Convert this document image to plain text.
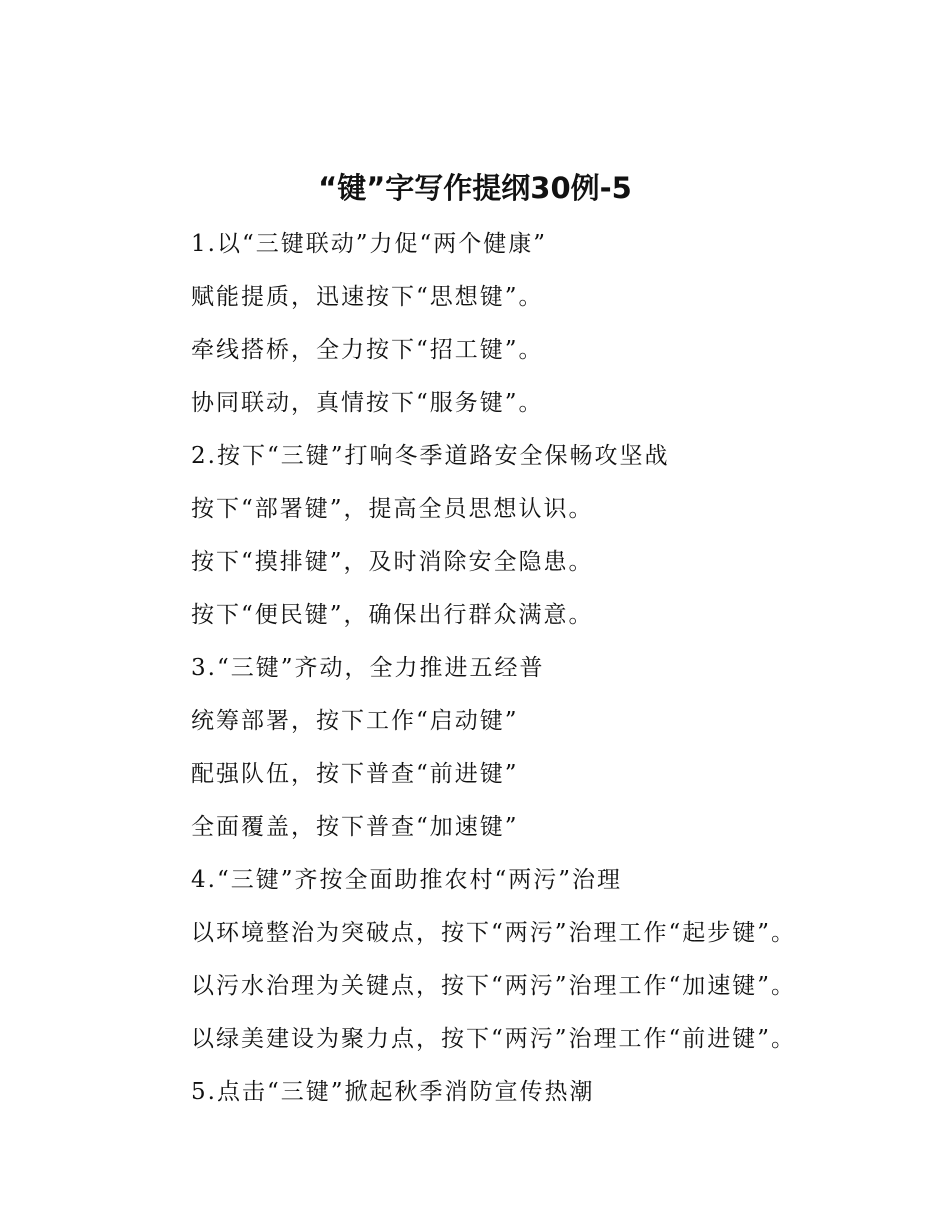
“键”字写作提纲30例-5
1.以“三键联动”力促“两个健康”
赋能提质，迅速按下“思想键”。
牵线搭桥，全力按下“招工键”。
协同联动，真情按下“服务键”。
2.按下“三键”打响冬季道路安全保畅攻坚战
按下“部署键”，提高全员思想认识。
按下“摸排键”，及时消除安全隐患。
按下“便民键”，确保出行群众满意。
3.“三键”齐动，全力推进五经普
统筹部署，按下工作“启动键”
配强队伍，按下普查“前进键”
全面覆盖，按下普查“加速键”
4.“三键”齐按全面助推农村“两污”治理
以环境整治为突破点，按下“两污”治理工作“起步键”。
以污水治理为关键点，按下“两污”治理工作“加速键”。
以绿美建设为聚力点，按下“两污”治理工作“前进键”。
5.点击“三键”掀起秋季消防宣传热潮
